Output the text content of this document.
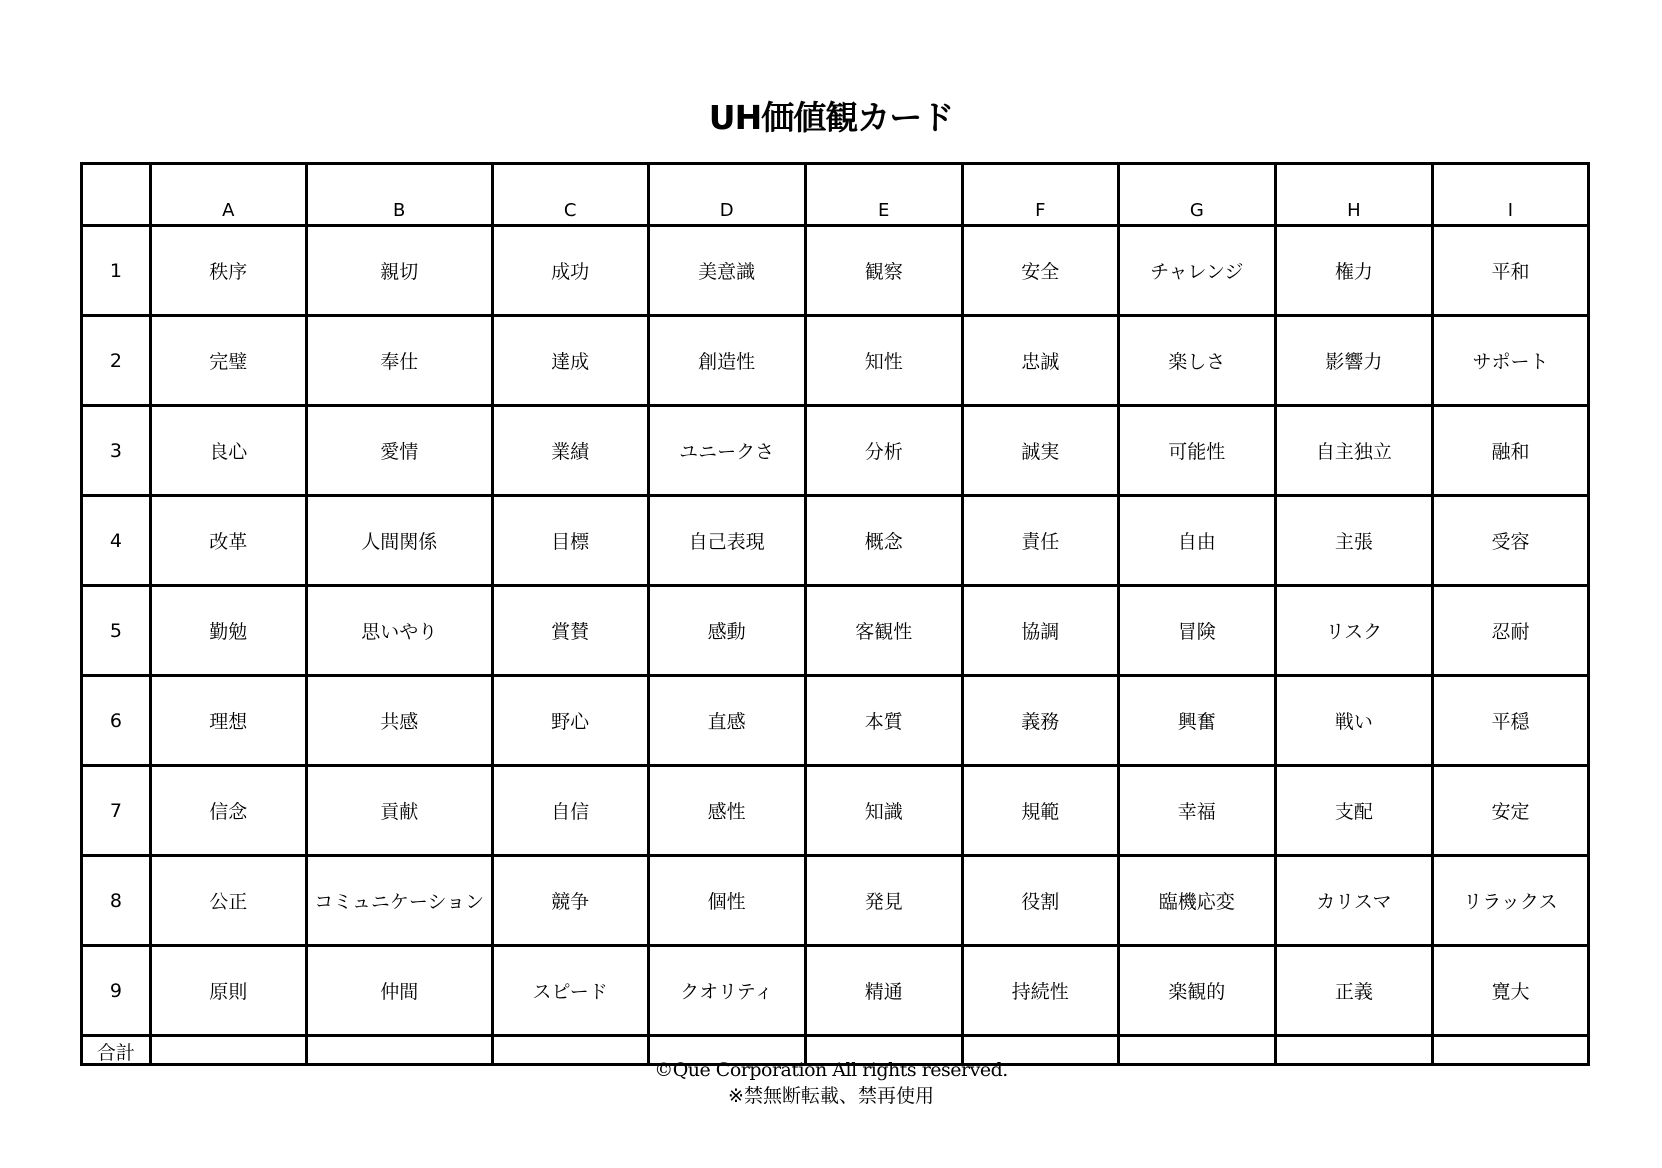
UH価値観カード
	A	B	C	D	E	F	G	H	I
1	秩序	親切	成功	美意識	観察	安全	チャレンジ	権力	平和
2	完璧	奉仕	達成	創造性	知性	忠誠	楽しさ	影響力	サポート
3	良心	愛情	業績	ユニークさ	分析	誠実	可能性	自主独立	融和
4	改革	人間関係	目標	自己表現	概念	責任	自由	主張	受容
5	勤勉	思いやり	賞賛	感動	客観性	協調	冒険	リスク	忍耐
6	理想	共感	野心	直感	本質	義務	興奮	戦い	平穏
7	信念	貢献	自信	感性	知識	規範	幸福	支配	安定
8	公正	コミュニケーション	競争	個性	発見	役割	臨機応変	カリスマ	リラックス
9	原則	仲間	スピード	クオリティ	精通	持続性	楽観的	正義	寛大
合計									
©Que Corporation All rights reserved.
※禁無断転載、禁再使用
